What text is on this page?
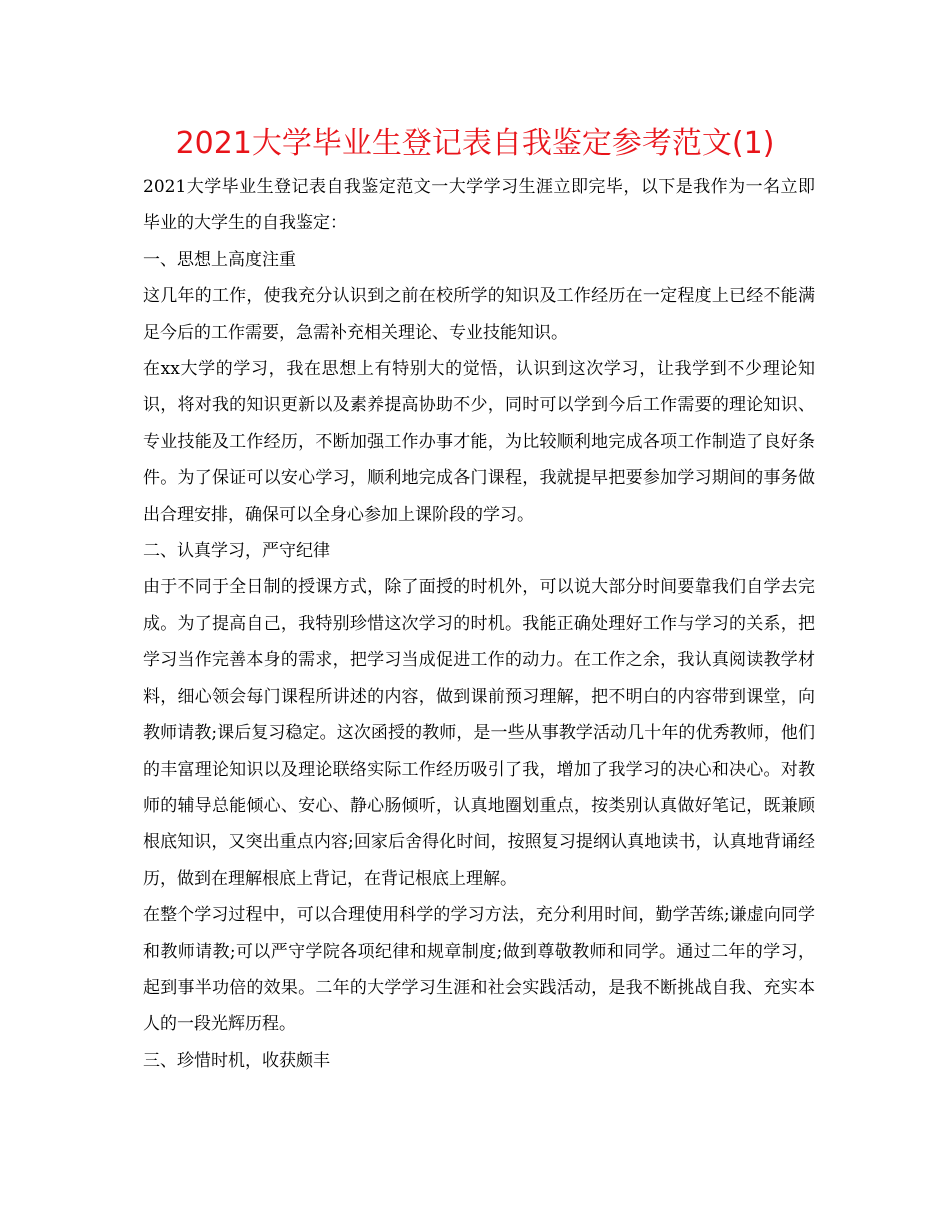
2021大学毕业生登记表自我鉴定参考范文(1)

2021大学毕业生登记表自我鉴定范文一大学学习生涯立即完毕，以下是我作为一名立即毕业的大学生的自我鉴定：

一、思想上高度注重

这几年的工作，使我充分认识到之前在校所学的知识及工作经历在一定程度上已经不能满足今后的工作需要，急需补充相关理论、专业技能知识。

在xx大学的学习，我在思想上有特别大的觉悟，认识到这次学习，让我学到不少理论知识，将对我的知识更新以及素养提高协助不少，同时可以学到今后工作需要的理论知识、专业技能及工作经历，不断加强工作办事才能，为比较顺利地完成各项工作制造了良好条件。为了保证可以安心学习，顺利地完成各门课程，我就提早把要参加学习期间的事务做出合理安排，确保可以全身心参加上课阶段的学习。

二、认真学习，严守纪律

由于不同于全日制的授课方式，除了面授的时机外，可以说大部分时间要靠我们自学去完成。为了提高自己，我特别珍惜这次学习的时机。我能正确处理好工作与学习的关系，把学习当作完善本身的需求，把学习当成促进工作的动力。在工作之余，我认真阅读教学材料，细心领会每门课程所讲述的内容，做到课前预习理解，把不明白的内容带到课堂，向教师请教;课后复习稳定。这次函授的教师，是一些从事教学活动几十年的优秀教师，他们的丰富理论知识以及理论联络实际工作经历吸引了我，增加了我学习的决心和决心。对教师的辅导总能倾心、安心、静心肠倾听，认真地圈划重点，按类别认真做好笔记，既兼顾根底知识，又突出重点内容;回家后舍得化时间，按照复习提纲认真地读书，认真地背诵经历，做到在理解根底上背记，在背记根底上理解。

在整个学习过程中，可以合理使用科学的学习方法，充分利用时间，勤学苦练;谦虚向同学和教师请教;可以严守学院各项纪律和规章制度;做到尊敬教师和同学。通过二年的学习，起到事半功倍的效果。二年的大学学习生涯和社会实践活动，是我不断挑战自我、充实本人的一段光辉历程。

三、珍惜时机，收获颇丰
